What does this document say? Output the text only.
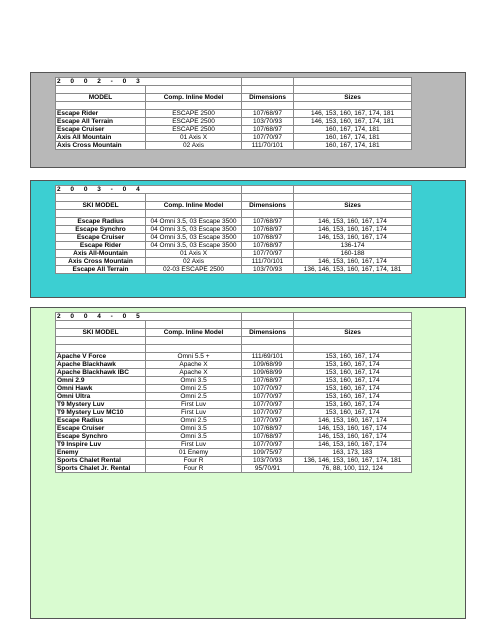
2 0 0 2 - 0 3			

MODEL	Comp. Inline Model	Dimensions	Sizes

Escape Rider	ESCAPE 2500	107/68/97	146, 153, 160, 167, 174, 181
Escape All Terrain	ESCAPE 2500	103/70/93	146, 153, 160, 167, 174, 181
Escape Cruiser	ESCAPE 2500	107/68/97	160, 167, 174, 181
Axis All Mountain	01 Axis X	107/70/97	160, 167, 174, 181
Axis Cross Mountain	02 Axis	111/70/101	160, 167, 174, 181
2 0 0 3 - 0 4			

SKI MODEL	Comp. Inline Model	Dimensions	Sizes

Escape Radius	04 Omni 3.5, 03 Escape 3500	107/68/97	146, 153, 160, 167, 174
Escape Synchro	04 Omni 3.5, 03 Escape 3500	107/68/97	146, 153, 160, 167, 174
Escape Cruiser	04 Omni 3.5, 03 Escape 3500	107/68/97	146, 153, 160, 167, 174
Escape Rider	04 Omni 3.5, 03 Escape 3500	107/68/97	136-174
Axis All-Mountain	01 Axis X	107/70/97	160-188
Axis Cross Mountain	02 Axis	111/70/101	146, 153, 160, 167, 174
Escape All Terrain	02-03 ESCAPE 2500	103/70/93	136, 146, 153, 160, 167, 174, 181
2 0 0 4 - 0 5			

SKI MODEL	Comp. Inline Model	Dimensions	Sizes

Apache V Force	Omni 5.5 +	111/69/101	153, 160, 167, 174
Apache Blackhawk	Apache X	109/68/99	153, 160, 167, 174
Apache Blackhawk IBC	Apache X	109/68/99	153, 160, 167, 174
Omni 2.9	Omni 3.5	107/68/97	153, 160, 167, 174
Omni Hawk	Omni 2.5	107/70/97	153, 160, 167, 174
Omni Ultra	Omni 2.5	107/70/97	153, 160, 167, 174
T9 Mystery Luv	First Luv	107/70/97	153, 160, 167, 174
T9 Mystery Luv MC10	First Luv	107/70/97	153, 160, 167, 174
Escape Radius	Omni 2.5	107/70/97	146, 153, 160, 167, 174
Escape Cruiser	Omni 3.5	107/68/97	146, 153, 160, 167, 174
Escape Synchro	Omni 3.5	107/68/97	146, 153, 160, 167, 174
T9 Inspire Luv	First Luv	107/70/97	146, 153, 160, 167, 174
Enemy	01 Enemy	109/75/97	163, 173, 183
Sports Chalet Rental	Four R	103/70/93	136, 146, 153, 160, 167, 174, 181
Sports Chalet Jr. Rental	Four R	95/70/91	76, 88, 100, 112, 124
